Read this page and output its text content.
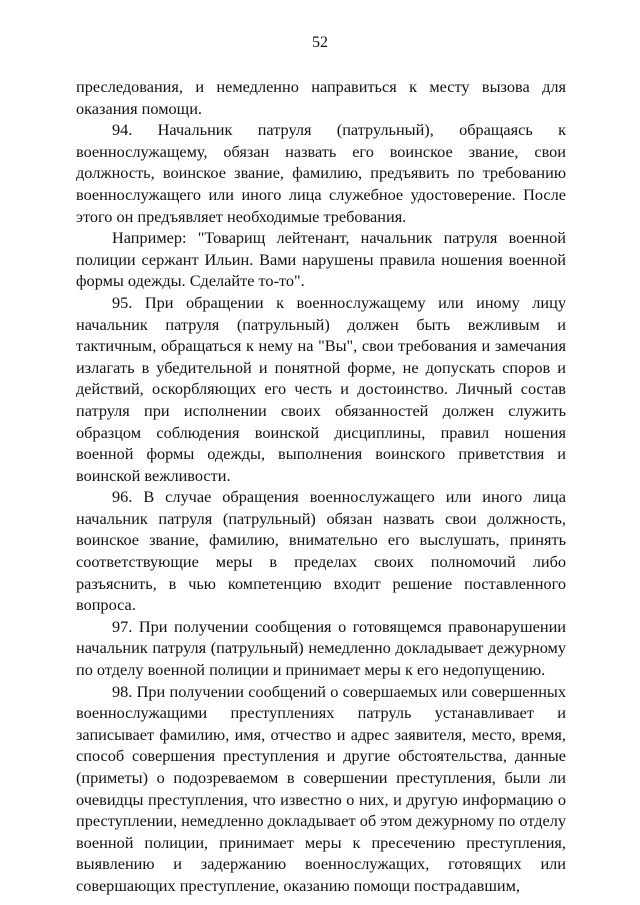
52

преследования, и немедленно направиться к месту вызова для оказания помощи.

94. Начальник патруля (патрульный), обращаясь к военнослужащему, обязан назвать его воинское звание, свои должность, воинское звание, фамилию, предъявить по требованию военнослужащего или иного лица служебное удостоверение. После этого он предъявляет необходимые требования.

Например: "Товарищ лейтенант, начальник патруля военной полиции сержант Ильин. Вами нарушены правила ношения военной формы одежды. Сделайте то-то".

95. При обращении к военнослужащему или иному лицу начальник патруля (патрульный) должен быть вежливым и тактичным, обращаться к нему на "Вы", свои требования и замечания излагать в убедительной и понятной форме, не допускать споров и действий, оскорбляющих его честь и достоинство. Личный состав патруля при исполнении своих обязанностей должен служить образцом соблюдения воинской дисциплины, правил ношения военной формы одежды, выполнения воинского приветствия и воинской вежливости.

96. В случае обращения военнослужащего или иного лица начальник патруля (патрульный) обязан назвать свои должность, воинское звание, фамилию, внимательно его выслушать, принять соответствующие меры в пределах своих полномочий либо разъяснить, в чью компетенцию входит решение поставленного вопроса.

97. При получении сообщения о готовящемся правонарушении начальник патруля (патрульный) немедленно докладывает дежурному по отделу военной полиции и принимает меры к его недопущению.

98. При получении сообщений о совершаемых или совершенных военнослужащими преступлениях патруль устанавливает и записывает фамилию, имя, отчество и адрес заявителя, место, время, способ совершения преступления и другие обстоятельства, данные (приметы) о подозреваемом в совершении преступления, были ли очевидцы преступления, что известно о них, и другую информацию о преступлении, немедленно докладывает об этом дежурному по отделу военной полиции, принимает меры к пресечению преступления, выявлению и задержанию военнослужащих, готовящих или совершающих преступление, оказанию помощи пострадавшим,
